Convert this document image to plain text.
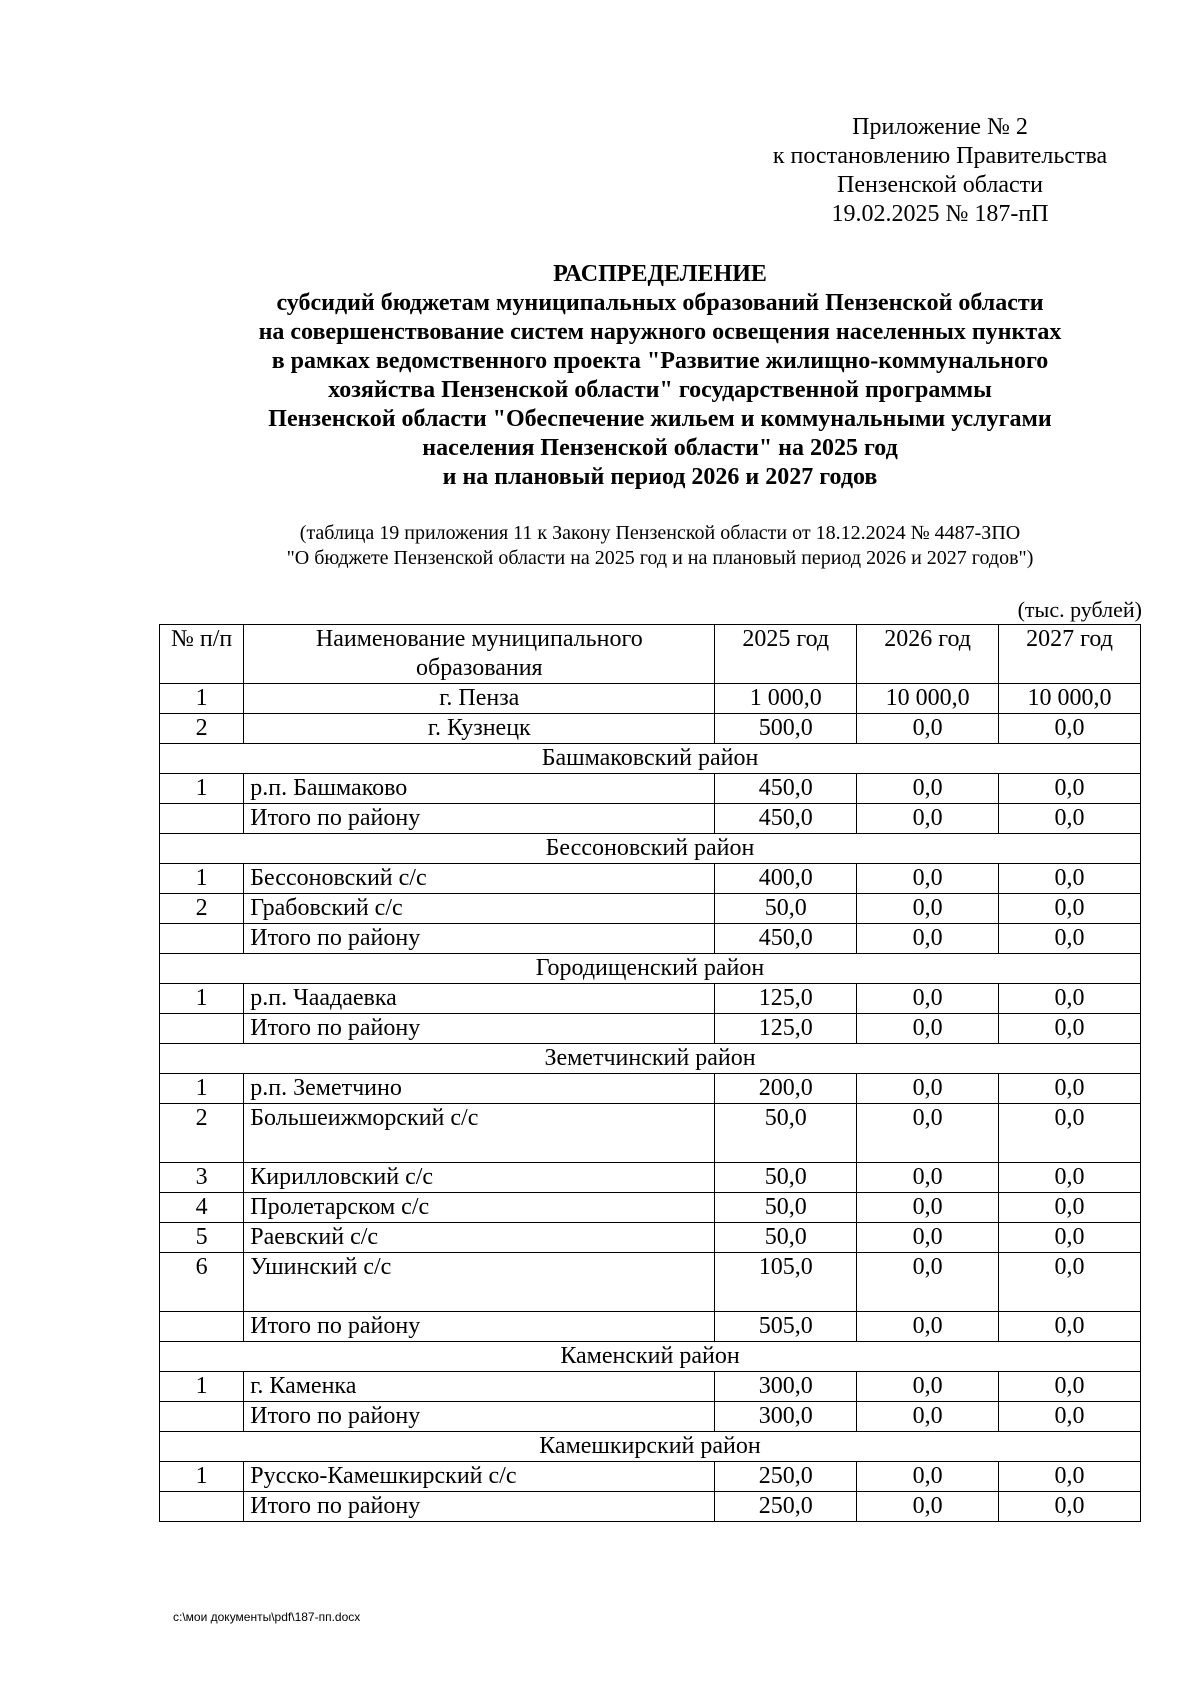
Приложение № 2
к постановлению Правительства
Пензенской области
19.02.2025 № 187-пП
РАСПРЕДЕЛЕНИЕ
субсидий бюджетам муниципальных образований Пензенской области
на совершенствование систем наружного освещения населенных пунктах
в рамках ведомственного проекта "Развитие жилищно-коммунального
хозяйства Пензенской области" государственной программы
Пензенской области "Обеспечение жильем и коммунальными услугами
населения Пензенской области" на 2025 год
и на плановый период 2026 и 2027 годов
(таблица 19 приложения 11 к Закону Пензенской области от 18.12.2024 № 4487-ЗПО
"О бюджете Пензенской области на 2025 год и на плановый период 2026 и 2027 годов")
(тыс. рублей)
№ п/п	Наименование муниципального образования	2025 год	2026 год	2027 год
1	г. Пенза	1 000,0	10 000,0	10 000,0
2	г. Кузнецк	500,0	0,0	0,0
Башмаковский район				
1	р.п. Башмаково	450,0	0,0	0,0
	Итого по району	450,0	0,0	0,0
Бессоновский район				
1	Бессоновский с/с	400,0	0,0	0,0
2	Грабовский с/с	50,0	0,0	0,0
	Итого по району	450,0	0,0	0,0
Городищенский район				
1	р.п. Чаадаевка	125,0	0,0	0,0
	Итого по району	125,0	0,0	0,0
Земетчинский район				
1	р.п. Земетчино	200,0	0,0	0,0
2	Большеижморский с/с	50,0	0,0	0,0
3	Кирилловский с/с	50,0	0,0	0,0
4	Пролетарском с/с	50,0	0,0	0,0
5	Раевский с/с	50,0	0,0	0,0
6	Ушинский с/с	105,0	0,0	0,0
	Итого по району	505,0	0,0	0,0
Каменский район				
1	г. Каменка	300,0	0,0	0,0
	Итого по району	300,0	0,0	0,0
Камешкирский район				
1	Русско-Камешкирский с/с	250,0	0,0	0,0
	Итого по району	250,0	0,0	0,0
c:\мои документы\pdf\187-пп.docx
